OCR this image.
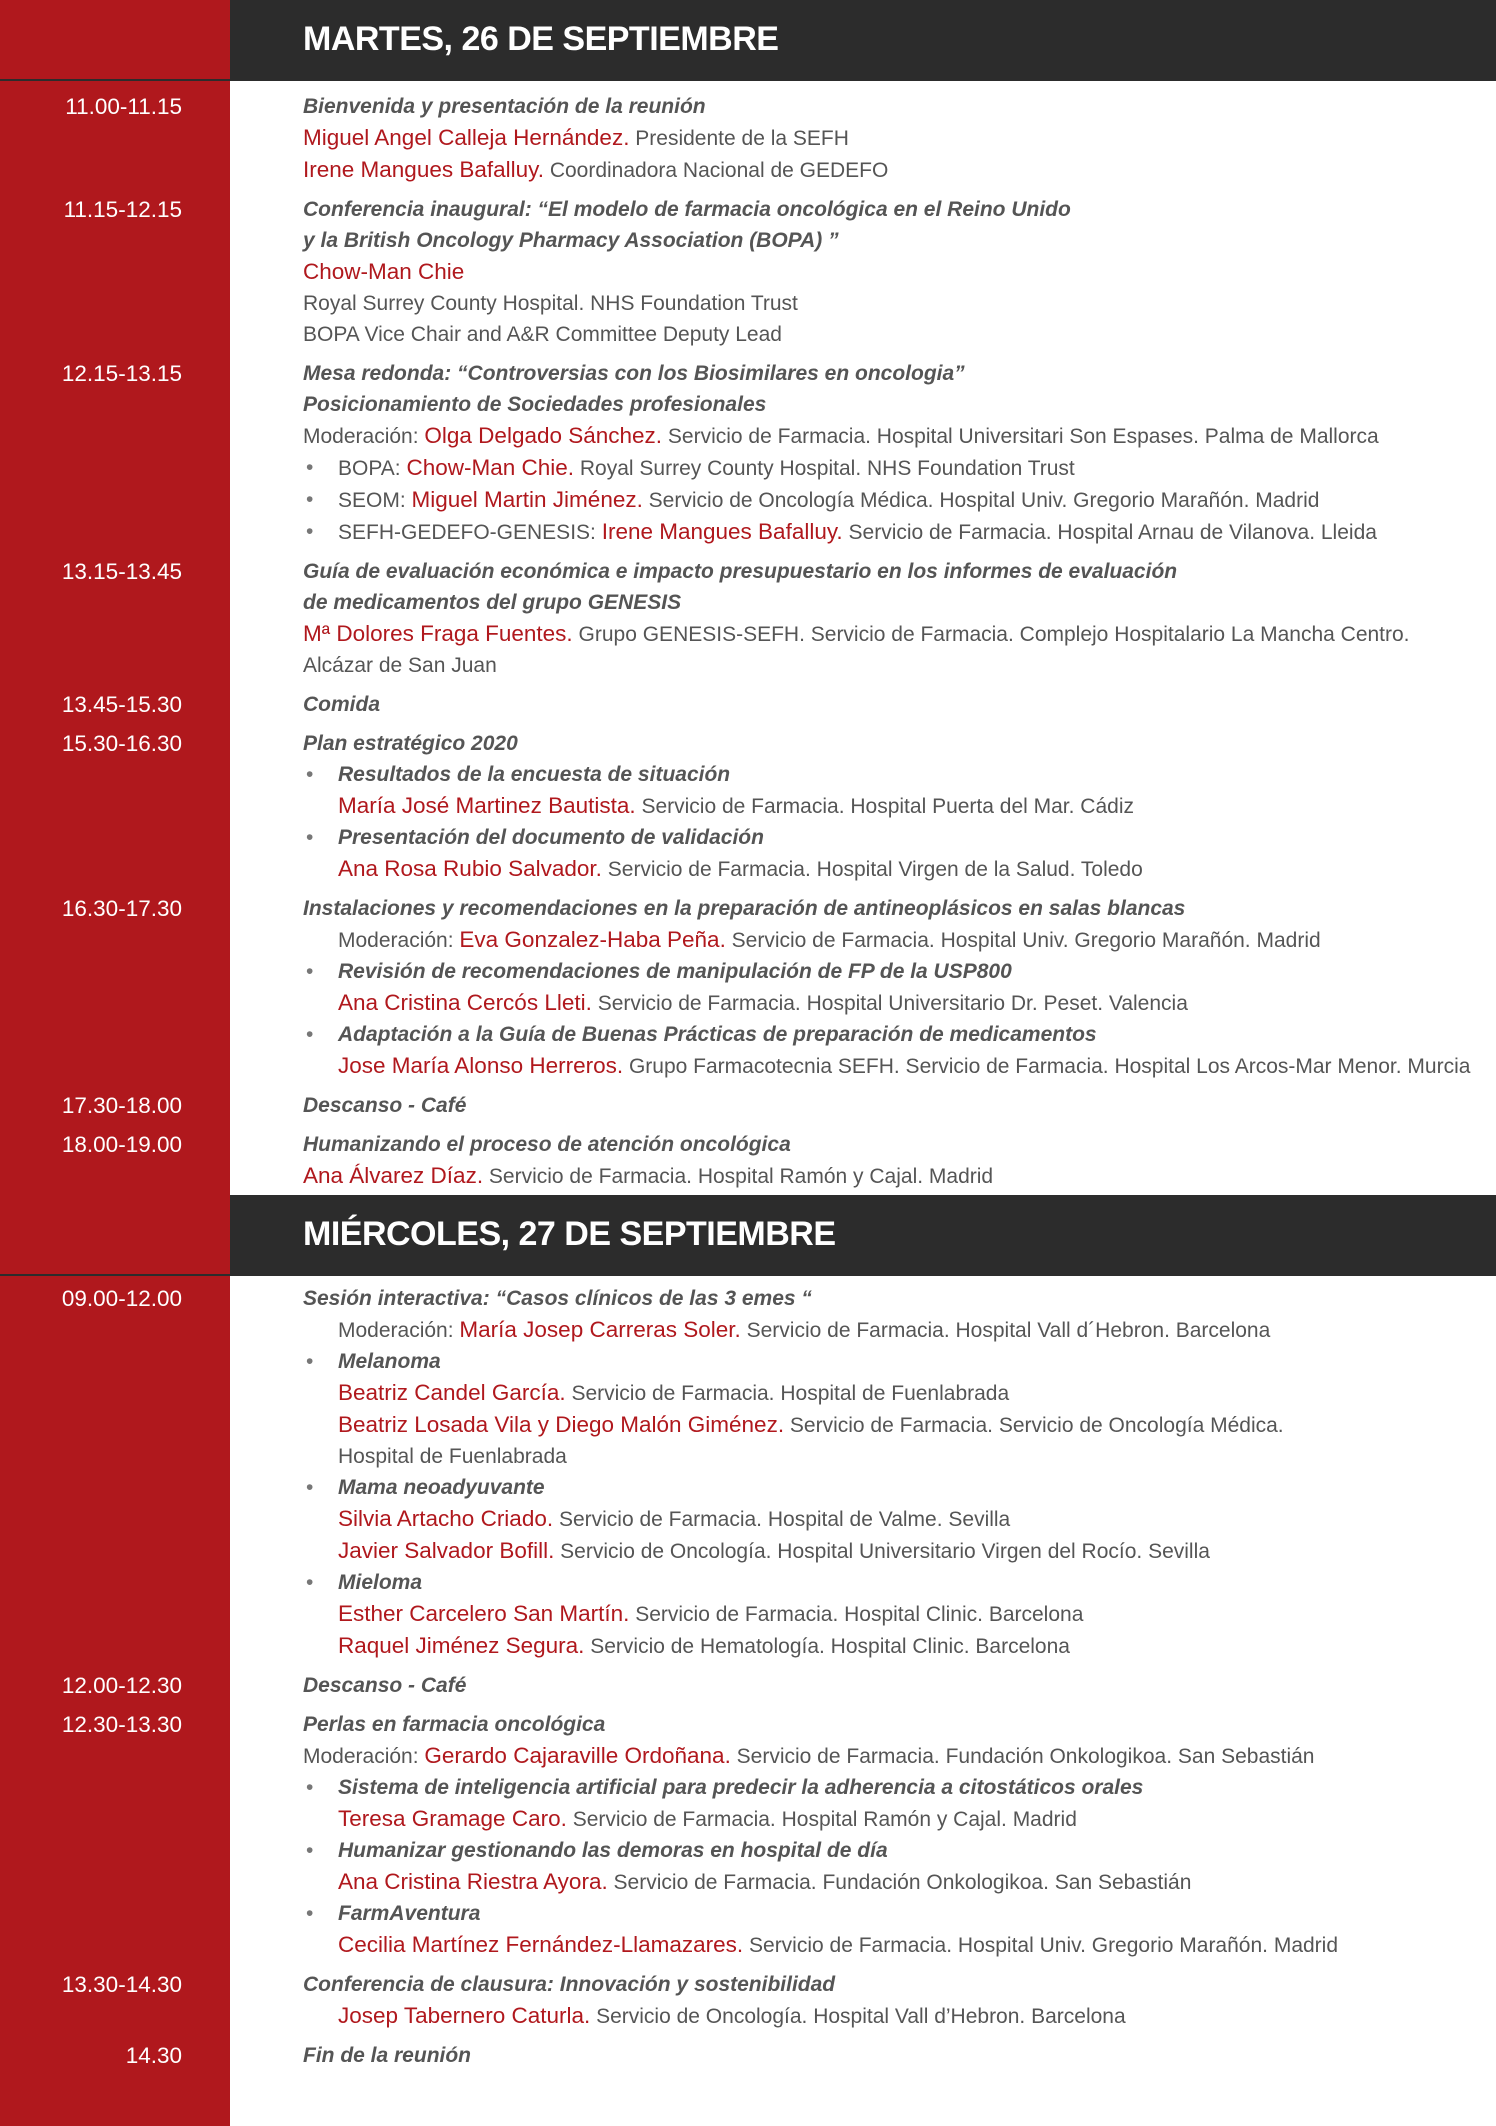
MARTES, 26 DE SEPTIEMBRE
11.00-11.15	Bienvenida y presentación de la reunión
Miguel Angel Calleja Hernández. Presidente de la SEFH
Irene Mangues Bafalluy. Coordinadora Nacional de GEDEFO
11.15-12.15	Conferencia inaugural: “El modelo de farmacia oncológica en el Reino Unido
y la British Oncology Pharmacy Association (BOPA) ”
Chow-Man Chie
Royal Surrey County Hospital. NHS Foundation Trust
BOPA Vice Chair and A&R Committee Deputy Lead
12.15-13.15	Mesa redonda: “Controversias con los Biosimilares en oncologia”
Posicionamiento de Sociedades profesionales
Moderación: Olga Delgado Sánchez. Servicio de Farmacia. Hospital Universitari Son Espases. Palma de Mallorca
• BOPA: Chow-Man Chie. Royal Surrey County Hospital. NHS Foundation Trust
• SEOM: Miguel Martin Jiménez. Servicio de Oncología Médica. Hospital Univ. Gregorio Marañón. Madrid
• SEFH-GEDEFO-GENESIS: Irene Mangues Bafalluy. Servicio de Farmacia. Hospital Arnau de Vilanova. Lleida
13.15-13.45	Guía de evaluación económica e impacto presupuestario en los informes de evaluación
de medicamentos del grupo GENESIS
Mª Dolores Fraga Fuentes. Grupo GENESIS-SEFH. Servicio de Farmacia. Complejo Hospitalario La Mancha Centro.
Alcázar de San Juan
13.45-15.30	Comida
15.30-16.30	Plan estratégico 2020
• Resultados de la encuesta de situación
María José Martinez Bautista. Servicio de Farmacia. Hospital Puerta del Mar. Cádiz
• Presentación del documento de validación
Ana Rosa Rubio Salvador. Servicio de Farmacia. Hospital Virgen de la Salud. Toledo
16.30-17.30	Instalaciones y recomendaciones en la preparación de antineoplásicos en salas blancas
Moderación: Eva Gonzalez-Haba Peña. Servicio de Farmacia. Hospital Univ. Gregorio Marañón. Madrid
• Revisión de recomendaciones de manipulación de FP de la USP800
Ana Cristina Cercós Lleti. Servicio de Farmacia. Hospital Universitario Dr. Peset. Valencia
• Adaptación a la Guía de Buenas Prácticas de preparación de medicamentos
Jose María Alonso Herreros. Grupo Farmacotecnia SEFH. Servicio de Farmacia. Hospital Los Arcos-Mar Menor. Murcia
17.30-18.00	Descanso - Café
18.00-19.00	Humanizando el proceso de atención oncológica
Ana Álvarez Díaz. Servicio de Farmacia. Hospital Ramón y Cajal. Madrid
MIÉRCOLES, 27 DE SEPTIEMBRE
09.00-12.00	Sesión interactiva: “Casos clínicos de las 3 emes “
Moderación: María Josep Carreras Soler. Servicio de Farmacia. Hospital Vall d´Hebron. Barcelona
• Melanoma
Beatriz Candel García. Servicio de Farmacia. Hospital de Fuenlabrada
Beatriz Losada Vila y Diego Malón Giménez. Servicio de Farmacia. Servicio de Oncología Médica.
Hospital de Fuenlabrada
• Mama neoadyuvante
Silvia Artacho Criado. Servicio de Farmacia. Hospital de Valme. Sevilla
Javier Salvador Bofill. Servicio de Oncología. Hospital Universitario Virgen del Rocío. Sevilla
• Mieloma
Esther Carcelero San Martín. Servicio de Farmacia. Hospital Clinic. Barcelona
Raquel Jiménez Segura. Servicio de Hematología. Hospital Clinic. Barcelona
12.00-12.30	Descanso - Café
12.30-13.30	Perlas en farmacia oncológica
Moderación: Gerardo Cajaraville Ordoñana. Servicio de Farmacia. Fundación Onkologikoa. San Sebastián
• Sistema de inteligencia artificial para predecir la adherencia a citostáticos orales
Teresa Gramage Caro. Servicio de Farmacia. Hospital Ramón y Cajal. Madrid
• Humanizar gestionando las demoras en hospital de día
Ana Cristina Riestra Ayora. Servicio de Farmacia. Fundación Onkologikoa. San Sebastián
• FarmAventura
Cecilia Martínez Fernández-Llamazares. Servicio de Farmacia. Hospital Univ. Gregorio Marañón. Madrid
13.30-14.30	Conferencia de clausura: Innovación y sostenibilidad
Josep Tabernero Caturla. Servicio de Oncología. Hospital Vall d’Hebron. Barcelona
14.30	Fin de la reunión
